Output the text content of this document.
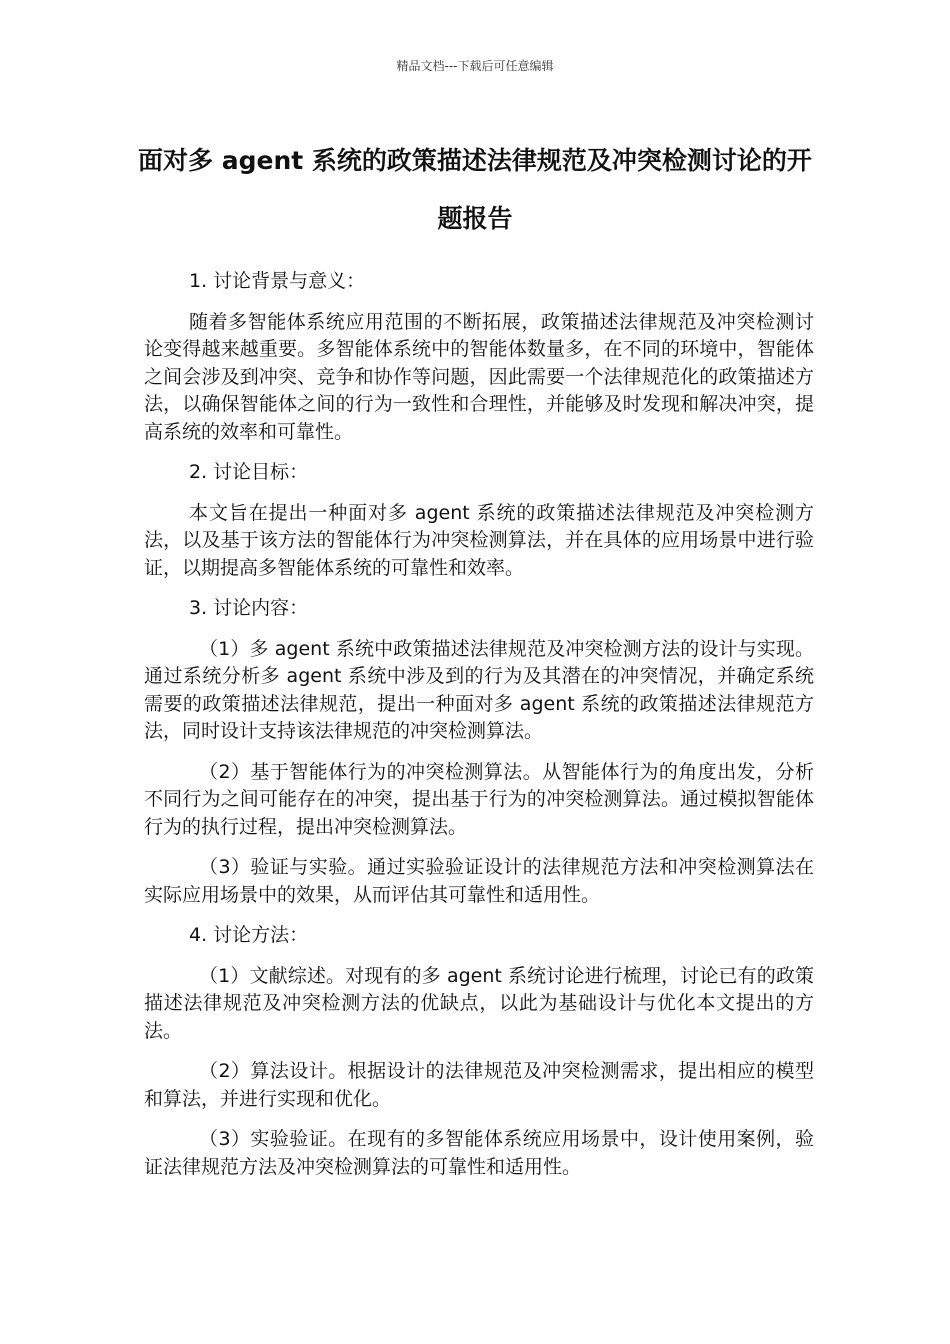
精品文档---下载后可任意编辑
面对多 agent 系统的政策描述法律规范及冲突检测讨论的开题报告

1. 讨论背景与意义：

随着多智能体系统应用范围的不断拓展，政策描述法律规范及冲突检测讨论变得越来越重要。多智能体系统中的智能体数量多，在不同的环境中，智能体之间会涉及到冲突、竞争和协作等问题，因此需要一个法律规范化的政策描述方法，以确保智能体之间的行为一致性和合理性，并能够及时发现和解决冲突，提高系统的效率和可靠性。

2. 讨论目标：

本文旨在提出一种面对多 agent 系统的政策描述法律规范及冲突检测方法，以及基于该方法的智能体行为冲突检测算法，并在具体的应用场景中进行验证，以期提高多智能体系统的可靠性和效率。

3. 讨论内容：

（1）多 agent 系统中政策描述法律规范及冲突检测方法的设计与实现。通过系统分析多 agent 系统中涉及到的行为及其潜在的冲突情况，并确定系统需要的政策描述法律规范，提出一种面对多 agent 系统的政策描述法律规范方法，同时设计支持该法律规范的冲突检测算法。

（2）基于智能体行为的冲突检测算法。从智能体行为的角度出发，分析不同行为之间可能存在的冲突，提出基于行为的冲突检测算法。通过模拟智能体行为的执行过程，提出冲突检测算法。

（3）验证与实验。通过实验验证设计的法律规范方法和冲突检测算法在实际应用场景中的效果，从而评估其可靠性和适用性。

4. 讨论方法：

（1）文献综述。对现有的多 agent 系统讨论进行梳理，讨论已有的政策描述法律规范及冲突检测方法的优缺点，以此为基础设计与优化本文提出的方法。

（2）算法设计。根据设计的法律规范及冲突检测需求，提出相应的模型和算法，并进行实现和优化。

（3）实验验证。在现有的多智能体系统应用场景中，设计使用案例，验证法律规范方法及冲突检测算法的可靠性和适用性。
